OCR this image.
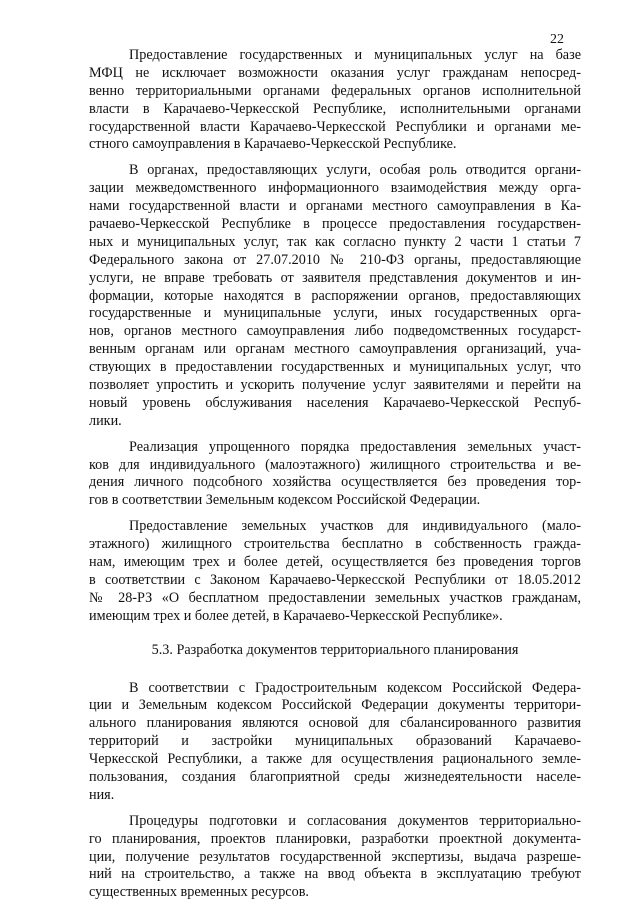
22
Предоставление государственных и муниципальных услуг на базе
МФЦ не исключает возможности оказания услуг гражданам непосред-
венно территориальными органами федеральных органов исполнительной
власти в Карачаево-Черкесской Республике, исполнительными органами
государственной власти Карачаево-Черкесской Республики и органами ме-
стного самоуправления в Карачаево-Черкесской Республике.
В органах, предоставляющих услуги, особая роль отводится органи-
зации межведомственного информационного взаимодействия между орга-
нами государственной власти и органами местного самоуправления в Ка-
рачаево-Черкесской Республике в процессе предоставления государствен-
ных и муниципальных услуг, так как согласно пункту 2 части 1 статьи 7
Федерального закона от 27.07.2010 № 210-ФЗ органы, предоставляющие
услуги, не вправе требовать от заявителя представления документов и ин-
формации, которые находятся в распоряжении органов, предоставляющих
государственные и муниципальные услуги, иных государственных орга-
нов, органов местного самоуправления либо подведомственных государст-
венным органам или органам местного самоуправления организаций, уча-
ствующих в предоставлении государственных и муниципальных услуг, что
позволяет упростить и ускорить получение услуг заявителями и перейти на
новый уровень обслуживания населения Карачаево-Черкесской Респуб-
лики.
Реализация упрощенного порядка предоставления земельных участ-
ков для индивидуального (малоэтажного) жилищного строительства и ве-
дения личного подсобного хозяйства осуществляется без проведения тор-
гов в соответствии Земельным кодексом Российской Федерации.
Предоставление земельных участков для индивидуального (мало-
этажного) жилищного строительства бесплатно в собственность гражда-
нам, имеющим трех и более детей, осуществляется без проведения торгов
в соответствии с Законом Карачаево-Черкесской Республики от 18.05.2012
№ 28-РЗ «О бесплатном предоставлении земельных участков гражданам,
имеющим трех и более детей, в Карачаево-Черкесской Республике».
5.3. Разработка документов территориального планирования
В соответствии с Градостроительным кодексом Российской Федера-
ции и Земельным кодексом Российской Федерации документы территори-
ального планирования являются основой для сбалансированного развития
территорий и застройки муниципальных образований Карачаево-
Черкесской Республики, а также для осуществления рационального земле-
пользования, создания благоприятной среды жизнедеятельности населе-
ния.
Процедуры подготовки и согласования документов территориально-
го планирования, проектов планировки, разработки проектной документа-
ции, получение результатов государственной экспертизы, выдача разреше-
ний на строительство, а также на ввод объекта в эксплуатацию требуют
существенных временных ресурсов.
